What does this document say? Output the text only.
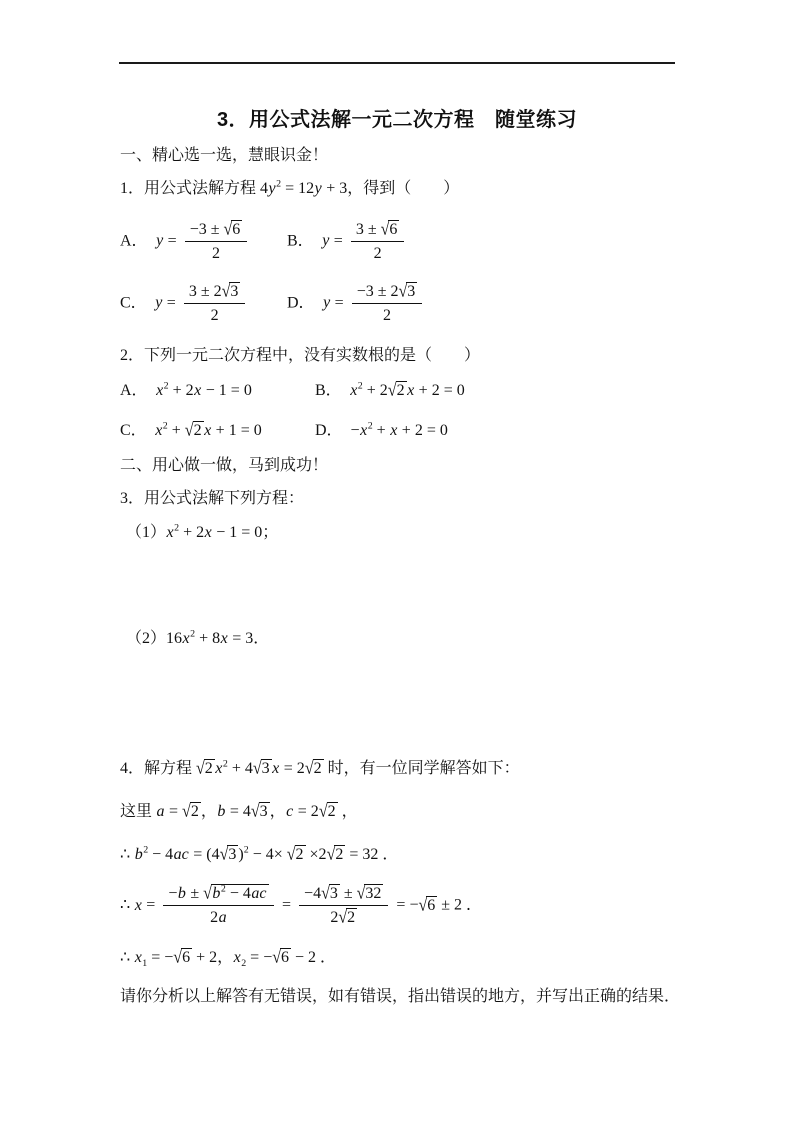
3．用公式法解一元二次方程　随堂练习
一、精心选一选，慧眼识金！
1．用公式法解方程 $4y^2 = 12y + 3$，得到（　　）
A．　$y = \frac{-3 \pm √6}{2}$ B．　$y = \frac{3 \pm √6}{2}$
C．　$y = \frac{3 \pm 2√3}{2}$	D．　$y = \frac{-3 \pm 2√3}{2}$
2．下列一元二次方程中，没有实数根的是（　　）
A．　$x^2 + 2x - 1 = 0$	B．　$x^2 + 2√2$ x + 2 = 0
C．　$x^2 + √2$ x + 1 = 0	D．　$-x^2 + x + 2 = 0$
二、用心做一做，马到成功！
3．用公式法解下列方程：
$(1)x^2 + 2x - 1 = 0$；
$(2)16x^2 + 8x = 3$．
4．解方程 √2 $x^2 + 4√3$ x = 2√2 时，有一位同学解答如下：
这里 a = √2 ，b = 4√3 ，c = 2√2 ，
∴ $b^2 - 4ac = (4√3$ )$^2$ − 4× √2 ×2√2 = 32 ．
∴ $x = \frac{-b \pm √b^2 - 4ac}{2a} = \frac{-4√3 \pm √32}{2√2} = -√6 \pm 2$ ．
∴ $x_1 = -√6 + 2$，$x_2 = -√6 - 2$ ．
请你分析以上解答有无错误，如有错误，指出错误的地方，并写出正确的结果．
